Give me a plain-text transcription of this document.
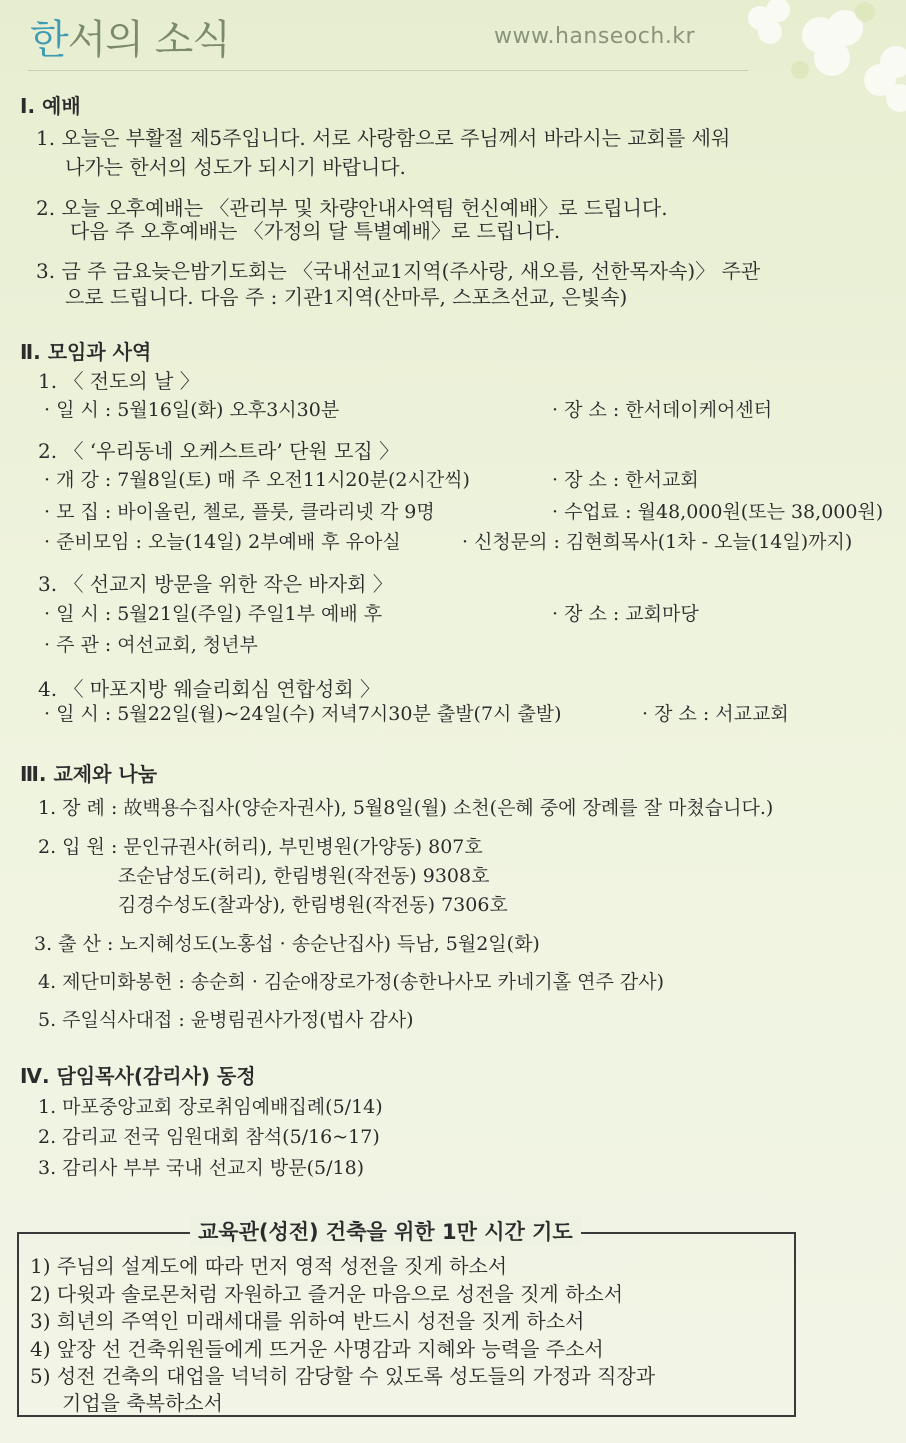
한서의 소식	www.hanseoch.kr
Ⅰ. 예배
1. 오늘은 부활절 제5주입니다. 서로 사랑함으로 주님께서 바라시는 교회를 세워
나가는 한서의 성도가 되시기 바랍니다.
2. 오늘 오후예배는 〈관리부 및 차량안내사역팀 헌신예배〉로 드립니다.
다음 주 오후예배는 〈가정의 달 특별예배〉로 드립니다.
3. 금 주 금요늦은밤기도회는 〈국내선교1지역(주사랑, 새오름, 선한목자속)〉 주관
으로 드립니다. 다음 주 : 기관1지역(산마루, 스포츠선교, 은빛속)
Ⅱ. 모임과 사역
1. 〈 전도의 날 〉
· 일 시 : 5월16일(화) 오후3시30분	· 장 소 : 한서데이케어센터
2. 〈 ‘우리동네 오케스트라’ 단원 모집 〉
· 개 강 : 7월8일(토) 매 주 오전11시20분(2시간씩)	· 장 소 : 한서교회
· 모 집 : 바이올린, 첼로, 플룻, 클라리넷 각 9명	· 수업료 : 월48,000원(또는 38,000원)
· 준비모임 : 오늘(14일) 2부예배 후 유아실	· 신청문의 : 김현희목사(1차 - 오늘(14일)까지)
3. 〈 선교지 방문을 위한 작은 바자회 〉
· 일 시 : 5월21일(주일) 주일1부 예배 후	· 장 소 : 교회마당
· 주 관 : 여선교회, 청년부
4. 〈 마포지방 웨슬리회심 연합성회 〉
· 일 시 : 5월22일(월)~24일(수) 저녁7시30분 출발(7시 출발)	· 장 소 : 서교교회
Ⅲ. 교제와 나눔
1. 장 례 : 故백용수집사(양순자권사), 5월8일(월) 소천(은혜 중에 장례를 잘 마쳤습니다.)
2. 입 원 : 문인규권사(허리), 부민병원(가양동) 807호
조순남성도(허리), 한림병원(작전동) 9308호
김경수성도(찰과상), 한림병원(작전동) 7306호
3. 출 산 : 노지혜성도(노홍섭 · 송순난집사) 득남, 5월2일(화)
4. 제단미화봉헌 : 송순희 · 김순애장로가정(송한나사모 카네기홀 연주 감사)
5. 주일식사대접 : 윤병림권사가정(법사 감사)
Ⅳ. 담임목사(감리사) 동정
1. 마포중앙교회 장로취임예배집례(5/14)
2. 감리교 전국 임원대회 참석(5/16~17)
3. 감리사 부부 국내 선교지 방문(5/18)
교육관(성전) 건축을 위한 1만 시간 기도
1) 주님의 설계도에 따라 먼저 영적 성전을 짓게 하소서
2) 다윗과 솔로몬처럼 자원하고 즐거운 마음으로 성전을 짓게 하소서
3) 희년의 주역인 미래세대를 위하여 반드시 성전을 짓게 하소서
4) 앞장 선 건축위원들에게 뜨거운 사명감과 지혜와 능력을 주소서
5) 성전 건축의 대업을 넉넉히 감당할 수 있도록 성도들의 가정과 직장과
기업을 축복하소서
